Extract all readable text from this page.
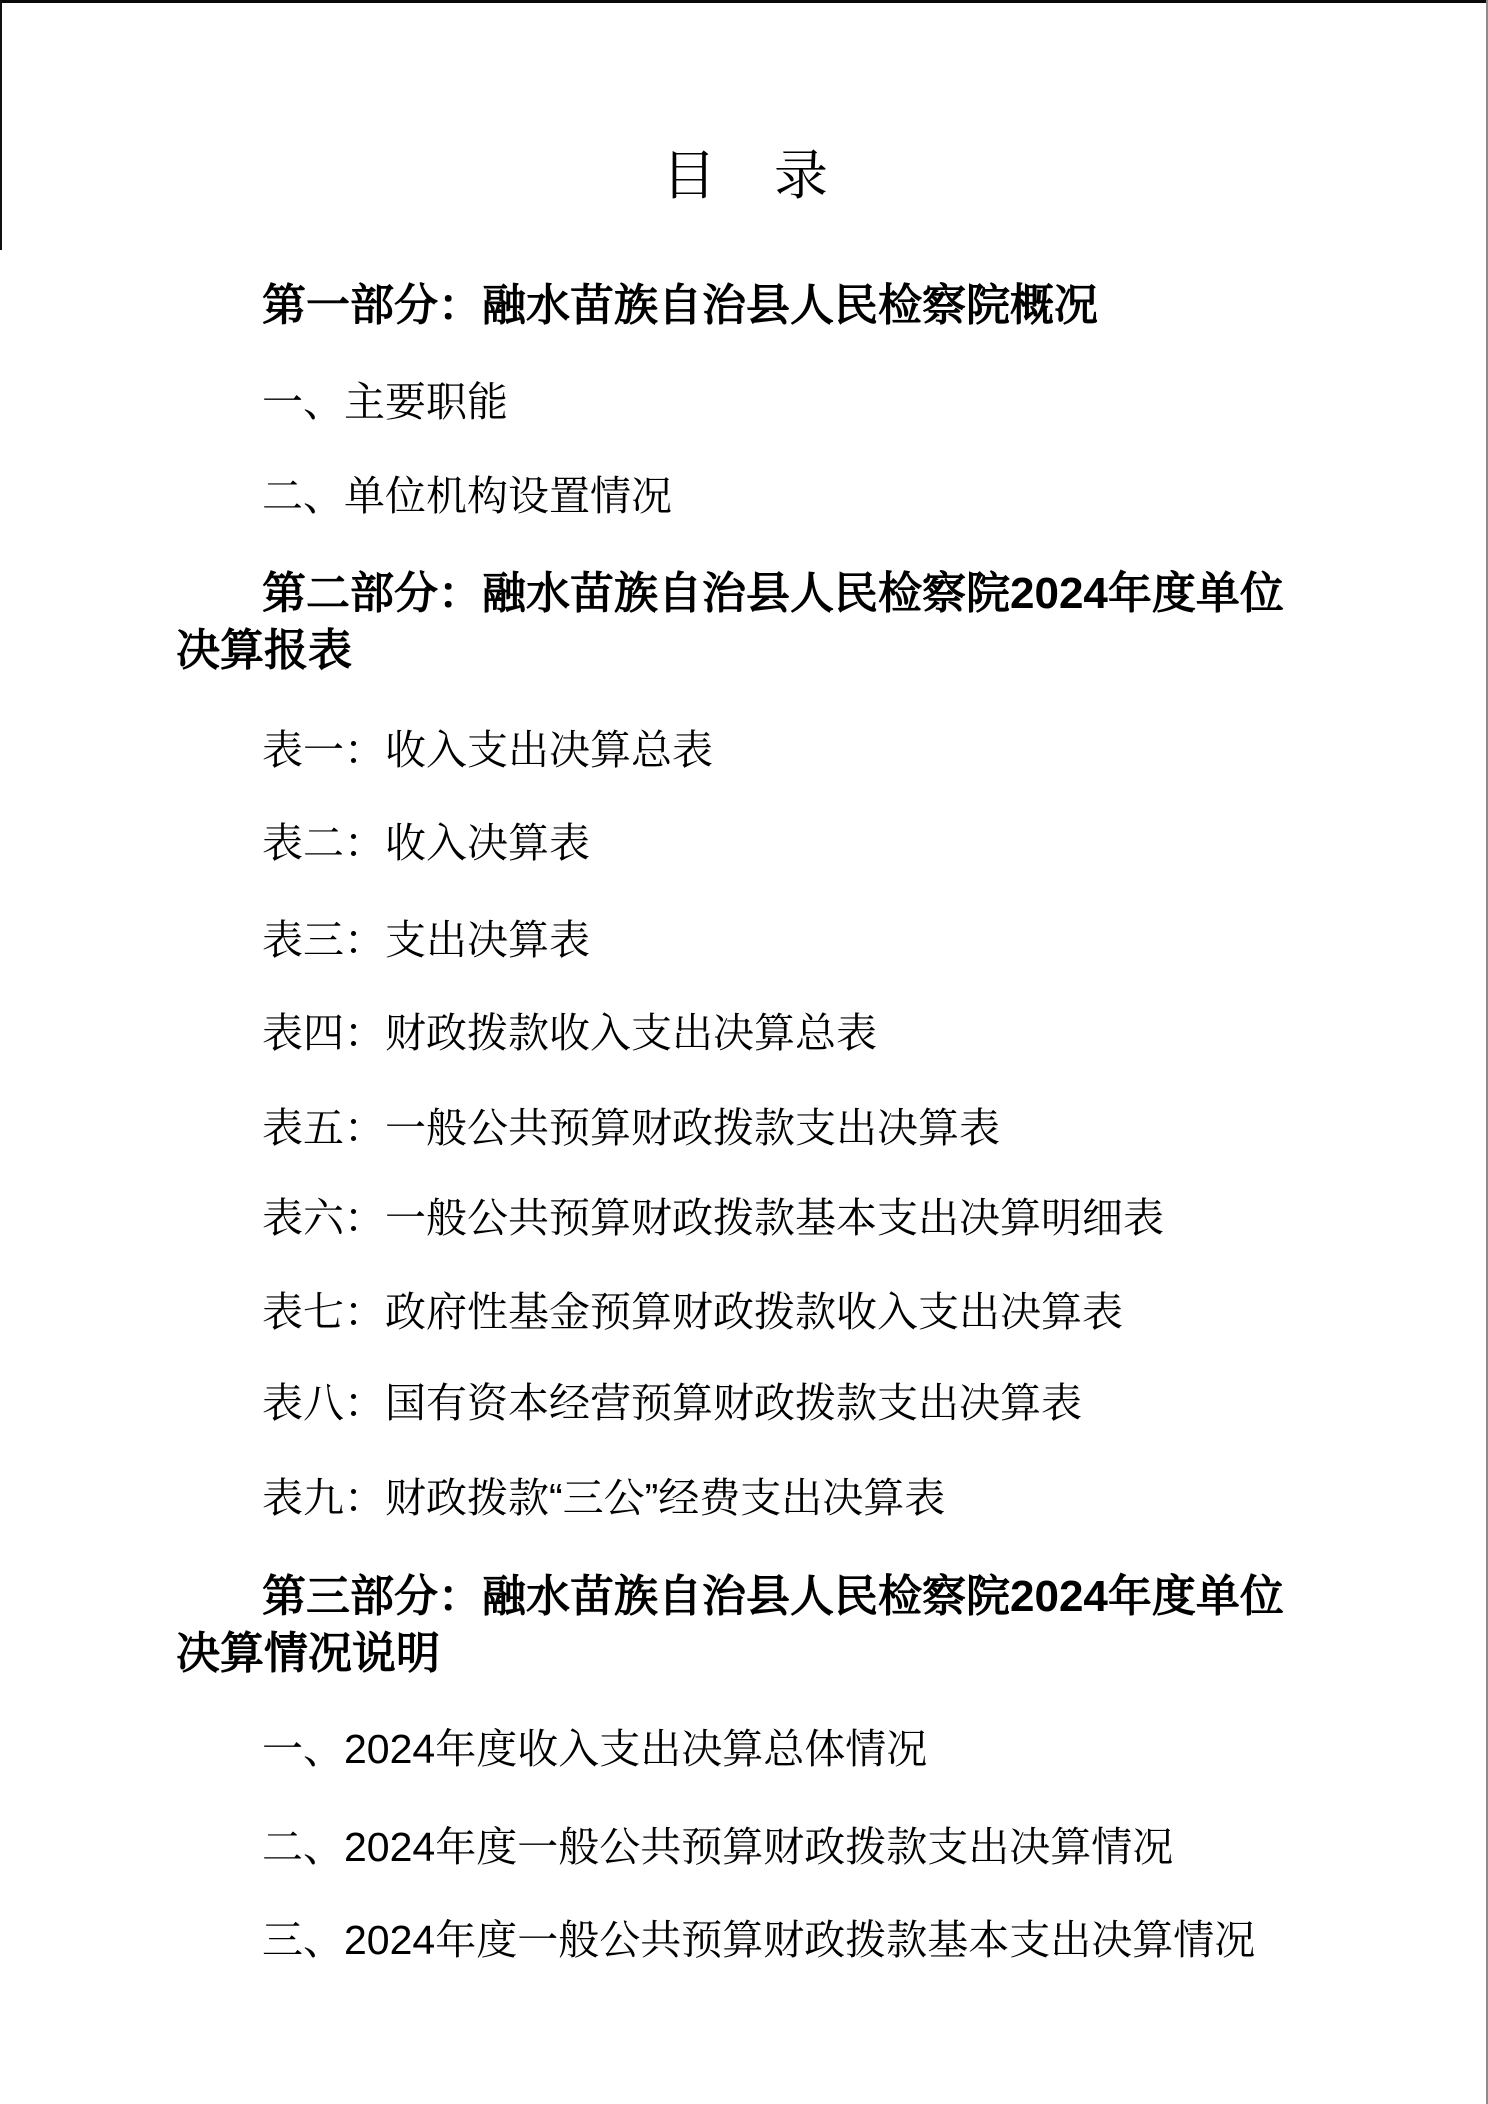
目　录
第一部分：融水苗族自治县人民检察院概况
一、主要职能
二、单位机构设置情况
第二部分：融水苗族自治县人民检察院2024年度单位
决算报表
表一：收入支出决算总表
表二：收入决算表
表三：支出决算表
表四：财政拨款收入支出决算总表
表五：一般公共预算财政拨款支出决算表
表六：一般公共预算财政拨款基本支出决算明细表
表七：政府性基金预算财政拨款收入支出决算表
表八：国有资本经营预算财政拨款支出决算表
表九：财政拨款“三公”经费支出决算表
第三部分：融水苗族自治县人民检察院2024年度单位
决算情况说明
一、2024年度收入支出决算总体情况
二、2024年度一般公共预算财政拨款支出决算情况
三、2024年度一般公共预算财政拨款基本支出决算情况
